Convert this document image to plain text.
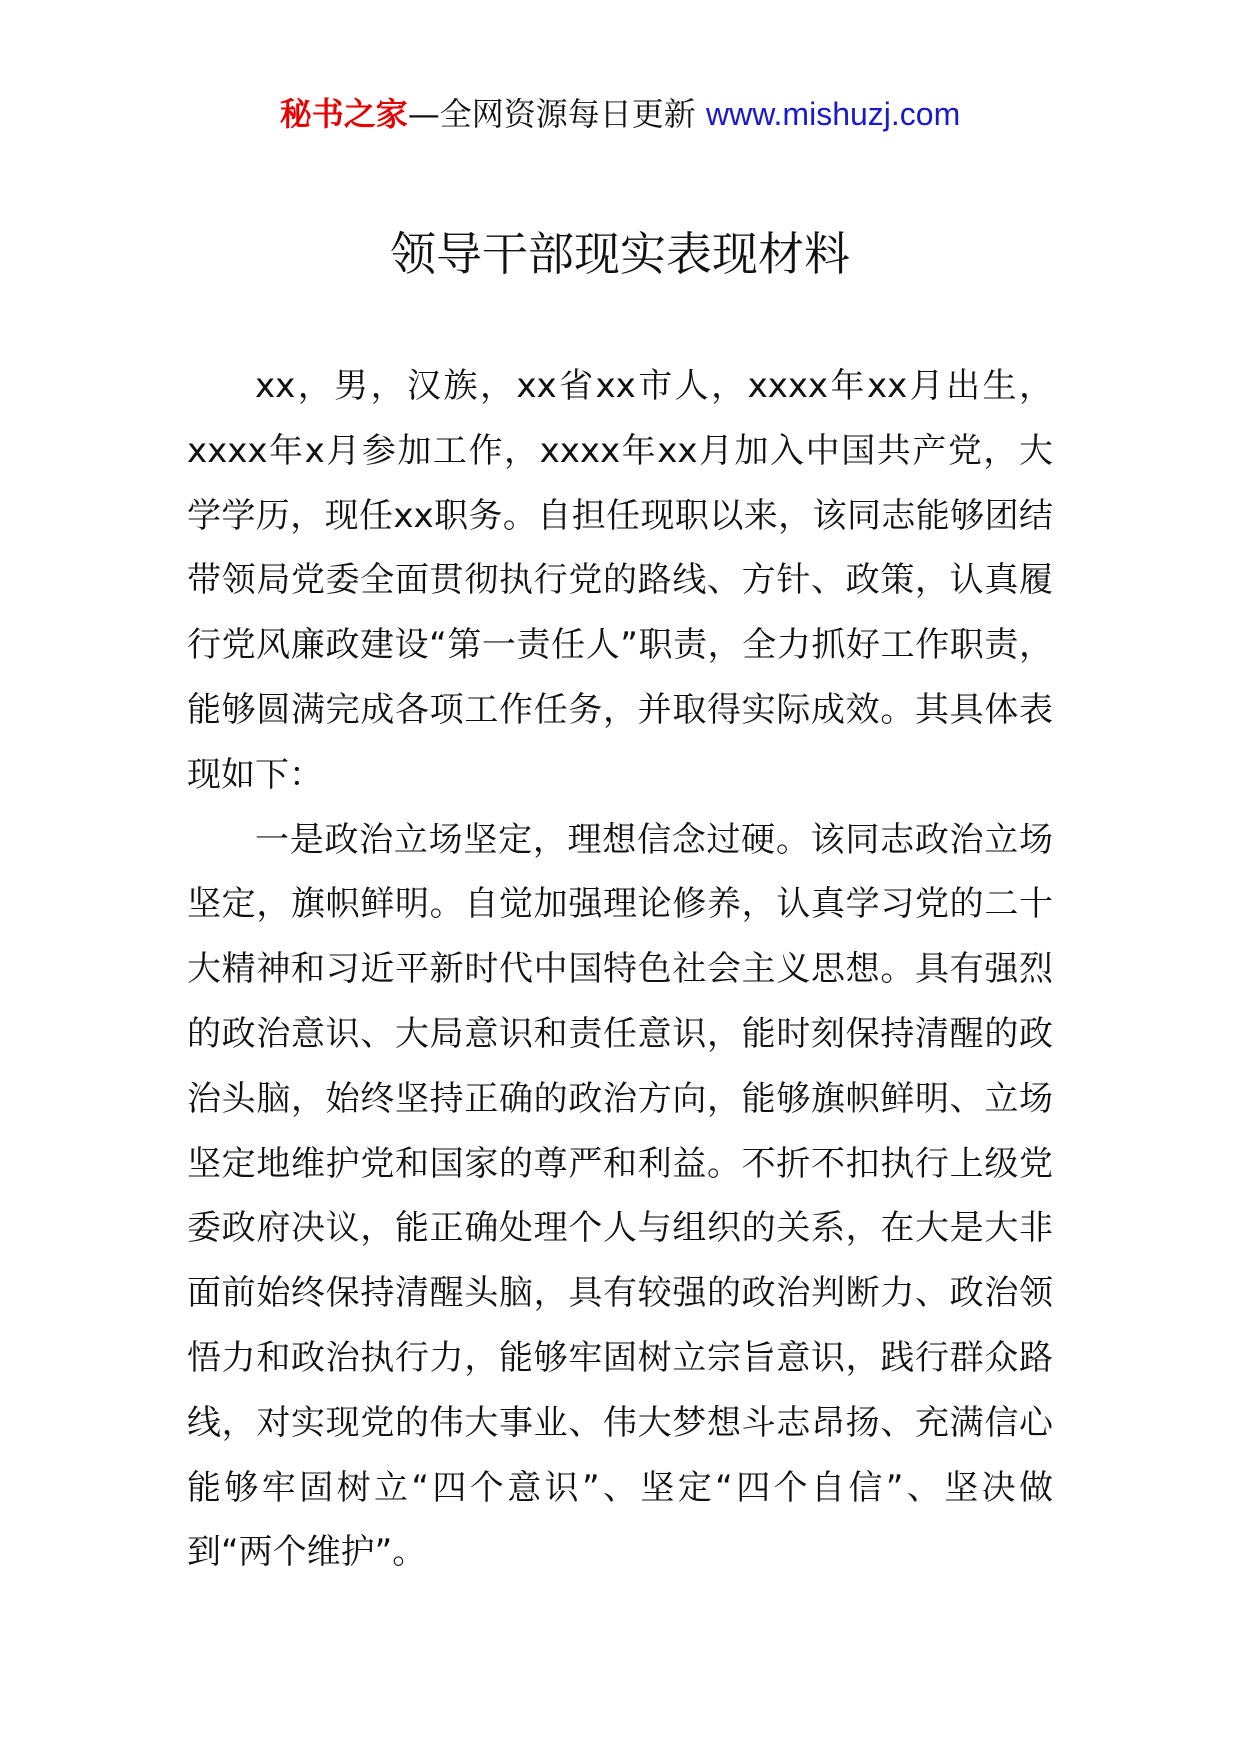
秘书之家—全网资源每日更新 www.mishuzj.com
领导干部现实表现材料

xx，男，汉族，xx省xx市人，xxxx年xx月出生，xxxx年x月参加工作，xxxx年xx月加入中国共产党，大学学历，现任xx职务。自担任现职以来，该同志能够团结带领局党委全面贯彻执行党的路线、方针、政策，认真履行党风廉政建设“第一责任人”职责，全力抓好工作职责，能够圆满完成各项工作任务，并取得实际成效。其具体表现如下：

一是政治立场坚定，理想信念过硬。该同志政治立场坚定，旗帜鲜明。自觉加强理论修养，认真学习党的二十大精神和习近平新时代中国特色社会主义思想。具有强烈的政治意识、大局意识和责任意识，能时刻保持清醒的政治头脑，始终坚持正确的政治方向，能够旗帜鲜明、立场坚定地维护党和国家的尊严和利益。不折不扣执行上级党委政府决议，能正确处理个人与组织的关系，在大是大非面前始终保持清醒头脑，具有较强的政治判断力、政治领悟力和政治执行力，能够牢固树立宗旨意识，践行群众路线，对实现党的伟大事业、伟大梦想斗志昂扬、充满信心能够牢固树立“四个意识”、坚定“四个自信”、坚决做到“两个维护”。
